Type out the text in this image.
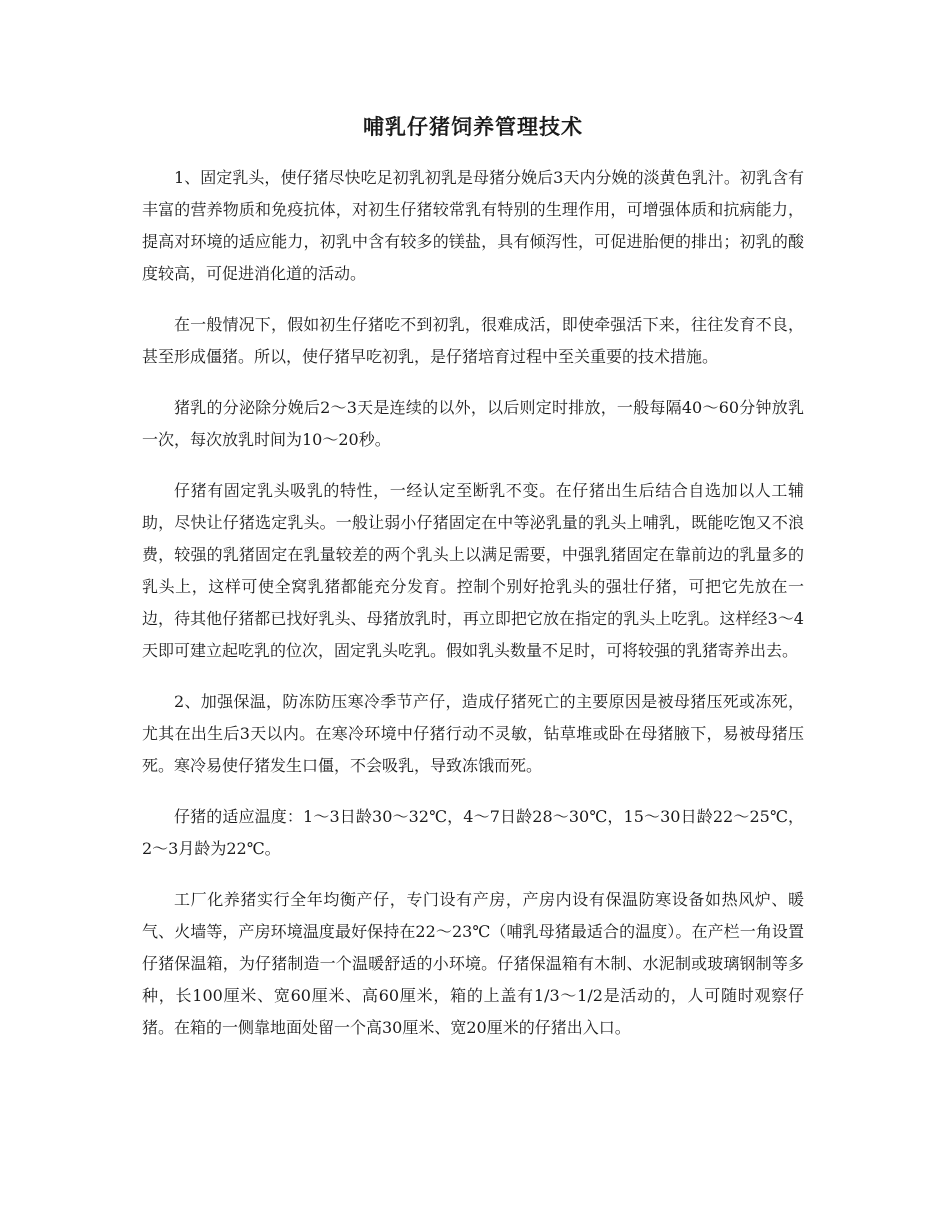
哺乳仔猪饲养管理技术

1、固定乳头，使仔猪尽快吃足初乳初乳是母猪分娩后3天内分娩的淡黄色乳汁。初乳含有丰富的营养物质和免疫抗体，对初生仔猪较常乳有特别的生理作用，可增强体质和抗病能力，提高对环境的适应能力，初乳中含有较多的镁盐，具有倾泻性，可促进胎便的排出；初乳的酸度较高，可促进消化道的活动。

在一般情况下，假如初生仔猪吃不到初乳，很难成活，即使牵强活下来，往往发育不良，甚至形成僵猪。所以，使仔猪早吃初乳，是仔猪培育过程中至关重要的技术措施。

猪乳的分泌除分娩后2～3天是连续的以外，以后则定时排放，一般每隔40～60分钟放乳一次，每次放乳时间为10～20秒。

仔猪有固定乳头吸乳的特性，一经认定至断乳不变。在仔猪出生后结合自选加以人工辅助，尽快让仔猪选定乳头。一般让弱小仔猪固定在中等泌乳量的乳头上哺乳，既能吃饱又不浪费，较强的乳猪固定在乳量较差的两个乳头上以满足需要，中强乳猪固定在靠前边的乳量多的乳头上，这样可使全窝乳猪都能充分发育。控制个别好抢乳头的强壮仔猪，可把它先放在一边，待其他仔猪都已找好乳头、母猪放乳时，再立即把它放在指定的乳头上吃乳。这样经3～4天即可建立起吃乳的位次，固定乳头吃乳。假如乳头数量不足时，可将较强的乳猪寄养出去。

2、加强保温，防冻防压寒冷季节产仔，造成仔猪死亡的主要原因是被母猪压死或冻死，尤其在出生后3天以内。在寒冷环境中仔猪行动不灵敏，钻草堆或卧在母猪腋下，易被母猪压死。寒冷易使仔猪发生口僵，不会吸乳，导致冻饿而死。

仔猪的适应温度：1～3日龄30～32℃，4～7日龄28～30℃，15～30日龄22～25℃，2～3月龄为22℃。

工厂化养猪实行全年均衡产仔，专门设有产房，产房内设有保温防寒设备如热风炉、暖气、火墙等，产房环境温度最好保持在22～23℃（哺乳母猪最适合的温度）。在产栏一角设置仔猪保温箱，为仔猪制造一个温暖舒适的小环境。仔猪保温箱有木制、水泥制或玻璃钢制等多种，长100厘米、宽60厘米、高60厘米，箱的上盖有1/3～1/2是活动的，人可随时观察仔猪。在箱的一侧靠地面处留一个高30厘米、宽20厘米的仔猪出入口。
